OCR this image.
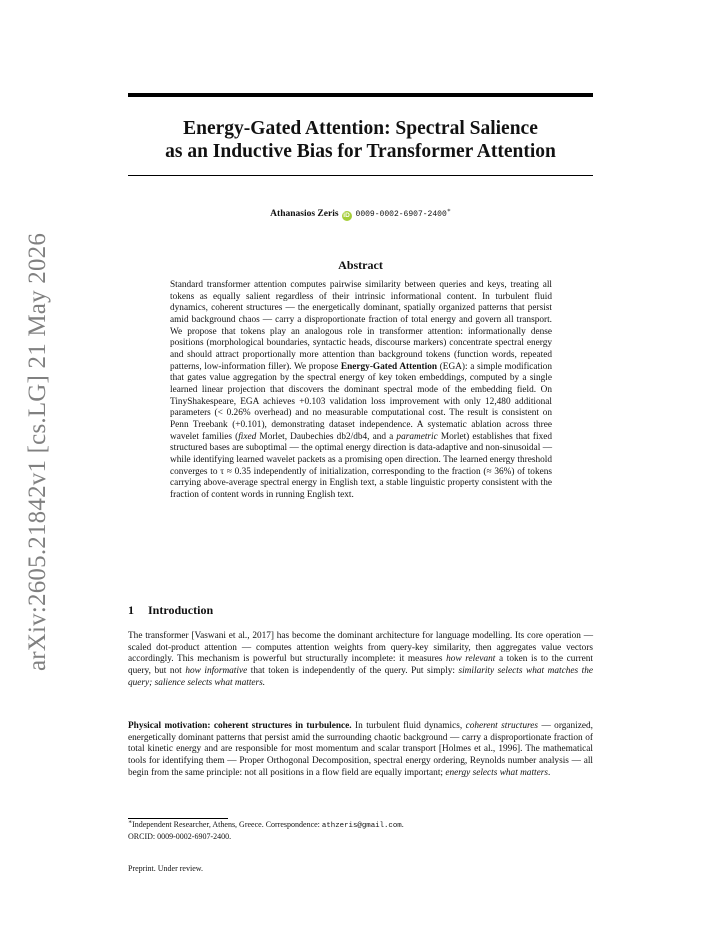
arXiv:2605.21842v1 [cs.LG] 21 May 2026
Energy-Gated Attention: Spectral Salience
as an Inductive Bias for Transformer Attention
Athanasios Zeris iD 0009-0002-6907-2400∗
Abstract
Standard transformer attention computes pairwise similarity between queries and keys, treating all tokens as equally salient regardless of their intrinsic informational content. In turbulent fluid dynamics, coherent structures — the energetically dominant, spatially organized patterns that persist amid background chaos — carry a disproportionate fraction of total energy and govern all transport. We propose that tokens play an analogous role in transformer attention: informationally dense positions (morphological boundaries, syntactic heads, discourse markers) concentrate spectral energy and should attract proportionally more attention than background tokens (function words, repeated patterns, low-information filler). We propose Energy-Gated Attention (EGA): a simple modification that gates value aggregation by the spectral energy of key token embeddings, computed by a single learned linear projection that discovers the dominant spectral mode of the embedding field. On TinyShakespeare, EGA achieves +0.103 validation loss improvement with only 12,480 additional parameters (< 0.26% overhead) and no measurable computational cost. The result is consistent on Penn Treebank (+0.101), demonstrating dataset independence. A systematic ablation across three wavelet families (fixed Morlet, Daubechies db2/db4, and a parametric Morlet) establishes that fixed structured bases are suboptimal — the optimal energy direction is data-adaptive and non-sinusoidal — while identifying learned wavelet packets as a promising open direction. The learned energy threshold converges to τ ≈ 0.35 independently of initialization, corresponding to the fraction (≈ 36%) of tokens carrying above-average spectral energy in English text, a stable linguistic property consistent with the fraction of content words in running English text.
1 Introduction
The transformer [Vaswani et al., 2017] has become the dominant architecture for language modelling. Its core operation — scaled dot-product attention — computes attention weights from query-key similarity, then aggregates value vectors accordingly. This mechanism is powerful but structurally incomplete: it measures how relevant a token is to the current query, but not how informative that token is independently of the query. Put simply: similarity selects what matches the query; salience selects what matters.
Physical motivation: coherent structures in turbulence. In turbulent fluid dynamics, coherent structures — organized, energetically dominant patterns that persist amid the surrounding chaotic background — carry a disproportionate fraction of total kinetic energy and are responsible for most momentum and scalar transport [Holmes et al., 1996]. The mathematical tools for identifying them — Proper Orthogonal Decomposition, spectral energy ordering, Reynolds number analysis — all begin from the same principle: not all positions in a flow field are equally important; energy selects what matters.
∗Independent Researcher, Athens, Greece. Correspondence: athzeris@gmail.com.
ORCID: 0009-0002-6907-2400.
Preprint. Under review.
